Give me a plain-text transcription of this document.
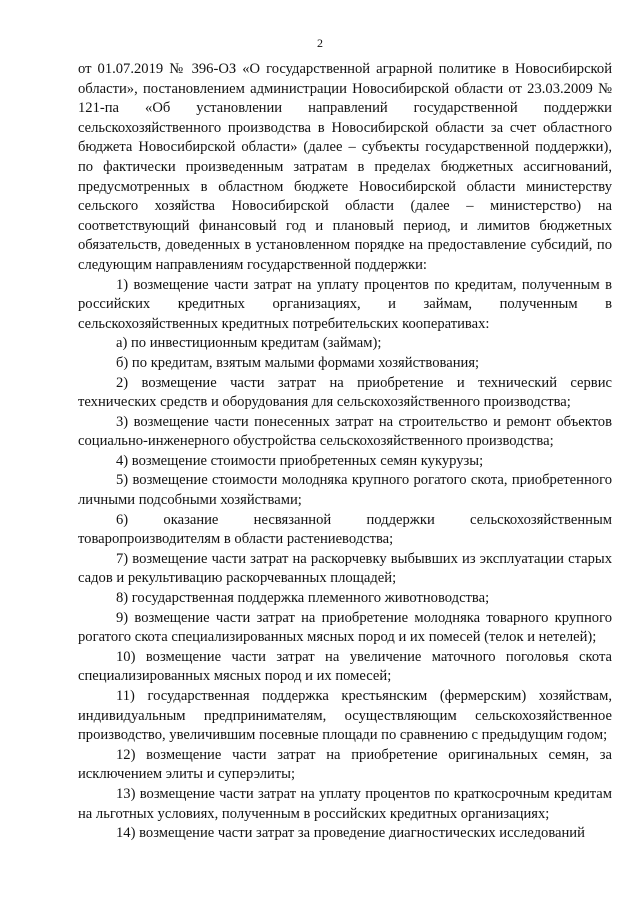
2

от 01.07.2019 № 396-ОЗ «О государственной аграрной политике в Новосибирской области», постановлением администрации Новосибирской области от 23.03.2009 № 121-па «Об установлении направлений государственной поддержки сельскохозяйственного производства в Новосибирской области за счет областного бюджета Новосибирской области» (далее – субъекты государственной поддержки), по фактически произведенным затратам в пределах бюджетных ассигнований, предусмотренных в областном бюджете Новосибирской области министерству сельского хозяйства Новосибирской области (далее – министерство) на соответствующий финансовый год и плановый период, и лимитов бюджетных обязательств, доведенных в установленном порядке на предоставление субсидий, по следующим направлениям государственной поддержки:

1) возмещение части затрат на уплату процентов по кредитам, полученным в российских кредитных организациях, и займам, полученным в сельскохозяйственных кредитных потребительских кооперативах:

а) по инвестиционным кредитам (займам);

б) по кредитам, взятым малыми формами хозяйствования;

2) возмещение части затрат на приобретение и технический сервис технических средств и оборудования для сельскохозяйственного производства;

3) возмещение части понесенных затрат на строительство и ремонт объектов социально-инженерного обустройства сельскохозяйственного производства;

4) возмещение стоимости приобретенных семян кукурузы;

5) возмещение стоимости молодняка крупного рогатого скота, приобретенного личными подсобными хозяйствами;

6) оказание несвязанной поддержки сельскохозяйственным товаропроизводителям в области растениеводства;

7) возмещение части затрат на раскорчевку выбывших из эксплуатации старых садов и рекультивацию раскорчеванных площадей;

8) государственная поддержка племенного животноводства;

9) возмещение части затрат на приобретение молодняка товарного крупного рогатого скота специализированных мясных пород и их помесей (телок и нетелей);

10) возмещение части затрат на увеличение маточного поголовья скота специализированных мясных пород и их помесей;

11) государственная поддержка крестьянским (фермерским) хозяйствам, индивидуальным предпринимателям, осуществляющим сельскохозяйственное производство, увеличившим посевные площади по сравнению с предыдущим годом;

12) возмещение части затрат на приобретение оригинальных семян, за исключением элиты и суперэлиты;

13) возмещение части затрат на уплату процентов по краткосрочным кредитам на льготных условиях, полученным в российских кредитных организациях;

14) возмещение части затрат за проведение диагностических исследований
